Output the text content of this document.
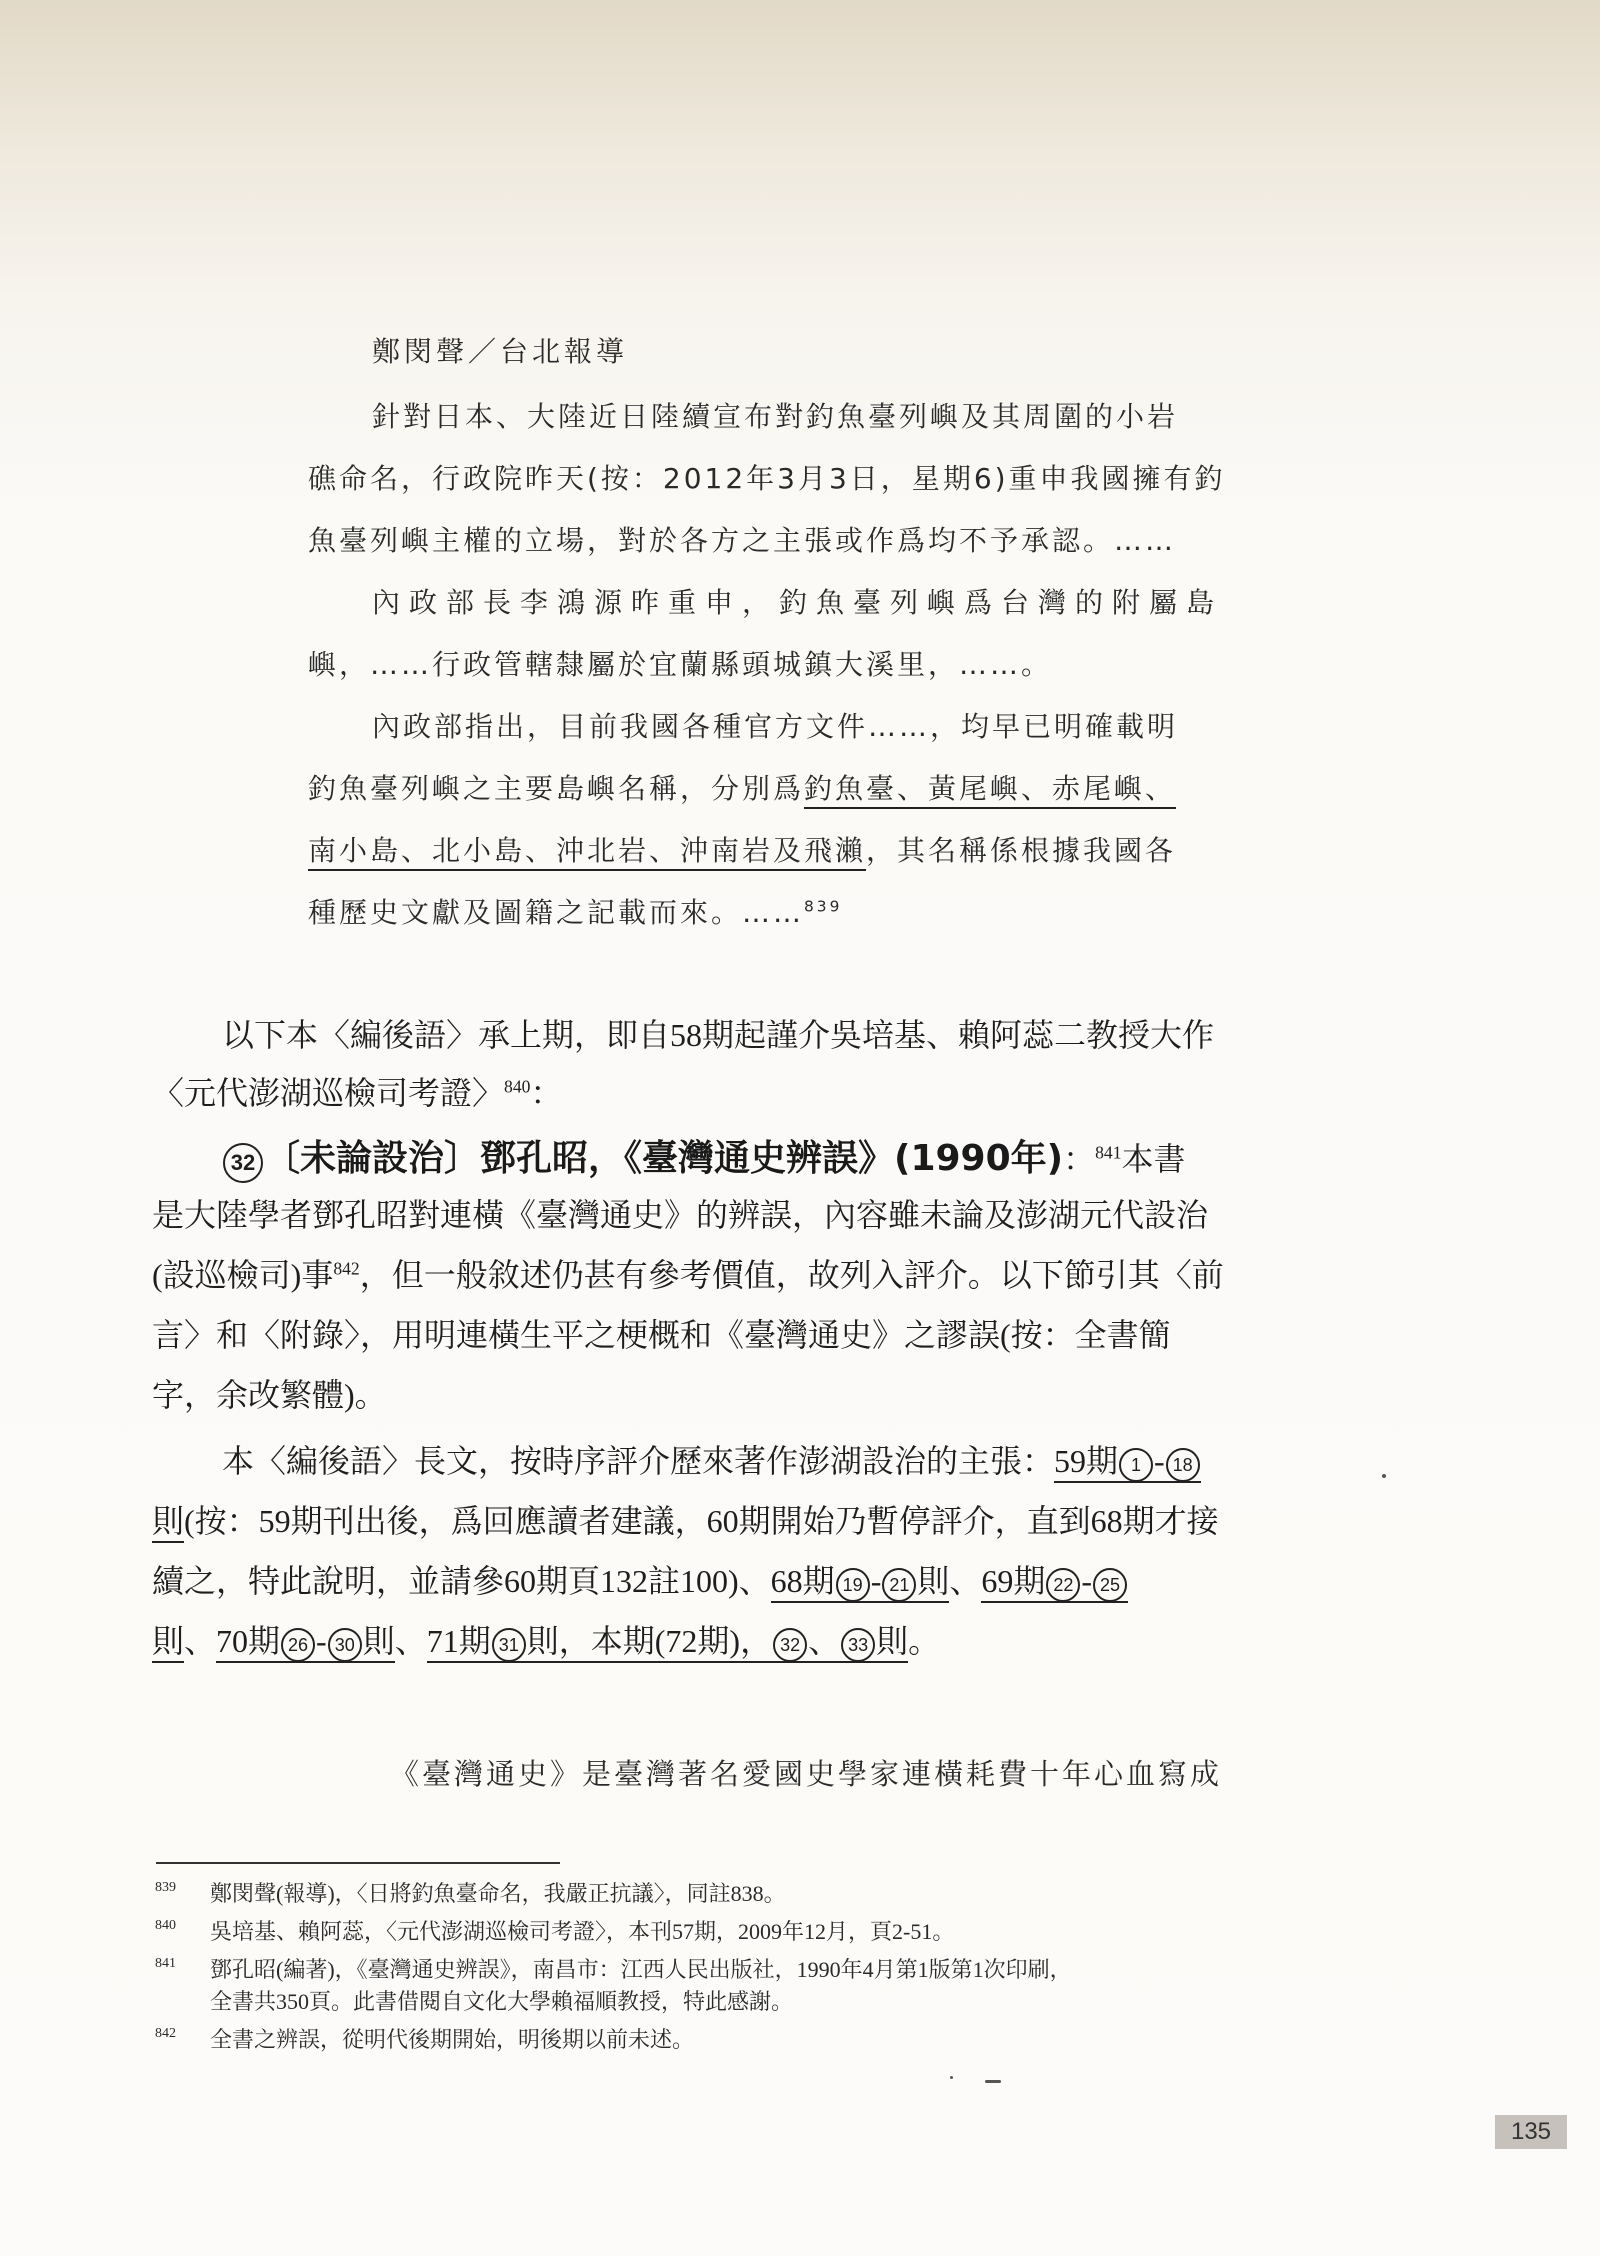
鄭閔聲／台北報導
針對日本、大陸近日陸續宣布對釣魚臺列嶼及其周圍的小岩
礁命名，行政院昨天(按：2012年3月3日，星期6)重申我國擁有釣
魚臺列嶼主權的立場，對於各方之主張或作爲均不予承認。……
內政部長李鴻源昨重申，釣魚臺列嶼爲台灣的附屬島
嶼，……行政管轄隸屬於宜蘭縣頭城鎮大溪里，……。
內政部指出，目前我國各種官方文件……，均早已明確載明
釣魚臺列嶼之主要島嶼名稱，分別爲釣魚臺、黃尾嶼、赤尾嶼、
南小島、北小島、沖北岩、沖南岩及飛瀨，其名稱係根據我國各
種歷史文獻及圖籍之記載而來。……$^{839}$
以下本〈編後語〉承上期，即自58期起謹介吳培基、賴阿蕊二教授大作
〈元代澎湖巡檢司考證〉$^{840}$：
32 〔未論設治〕鄧孔昭，《臺灣通史辨誤》(1990年)：$^{841}$本書
是大陸學者鄧孔昭對連橫《臺灣通史》的辨誤，內容雖未論及澎湖元代設治
(設巡檢司)事$^{842}$，但一般敘述仍甚有參考價值，故列入評介。以下節引其〈前
言〉和〈附錄〉，用明連橫生平之梗概和《臺灣通史》之謬誤(按：全書簡
字，余改繁體)。
本〈編後語〉長文，按時序評介歷來著作澎湖設治的主張：59期 1 - 18
則(按：59期刊出後，爲回應讀者建議，60期開始乃暫停評介，直到68期才接
續之，特此說明，並請參60期頁132註100)、68期 19 - 21 則、69期 22 - 25
則、70期 26 - 30 則、71期 31 則，本期(72期)， 32 、 33 則。
《臺灣通史》是臺灣著名愛國史學家連橫耗費十年心血寫成
839 鄭閔聲(報導)，〈日將釣魚臺命名，我嚴正抗議〉，同註838。
840 吳培基、賴阿蕊，〈元代澎湖巡檢司考證〉，本刊57期，2009年12月，頁2-51。
841 鄧孔昭(編著)，《臺灣通史辨誤》，南昌市：江西人民出版社，1990年4月第1版第1次印刷，
全書共350頁。此書借閱自文化大學賴福順教授，特此感謝。
842 全書之辨誤，從明代後期開始，明後期以前未述。
135
